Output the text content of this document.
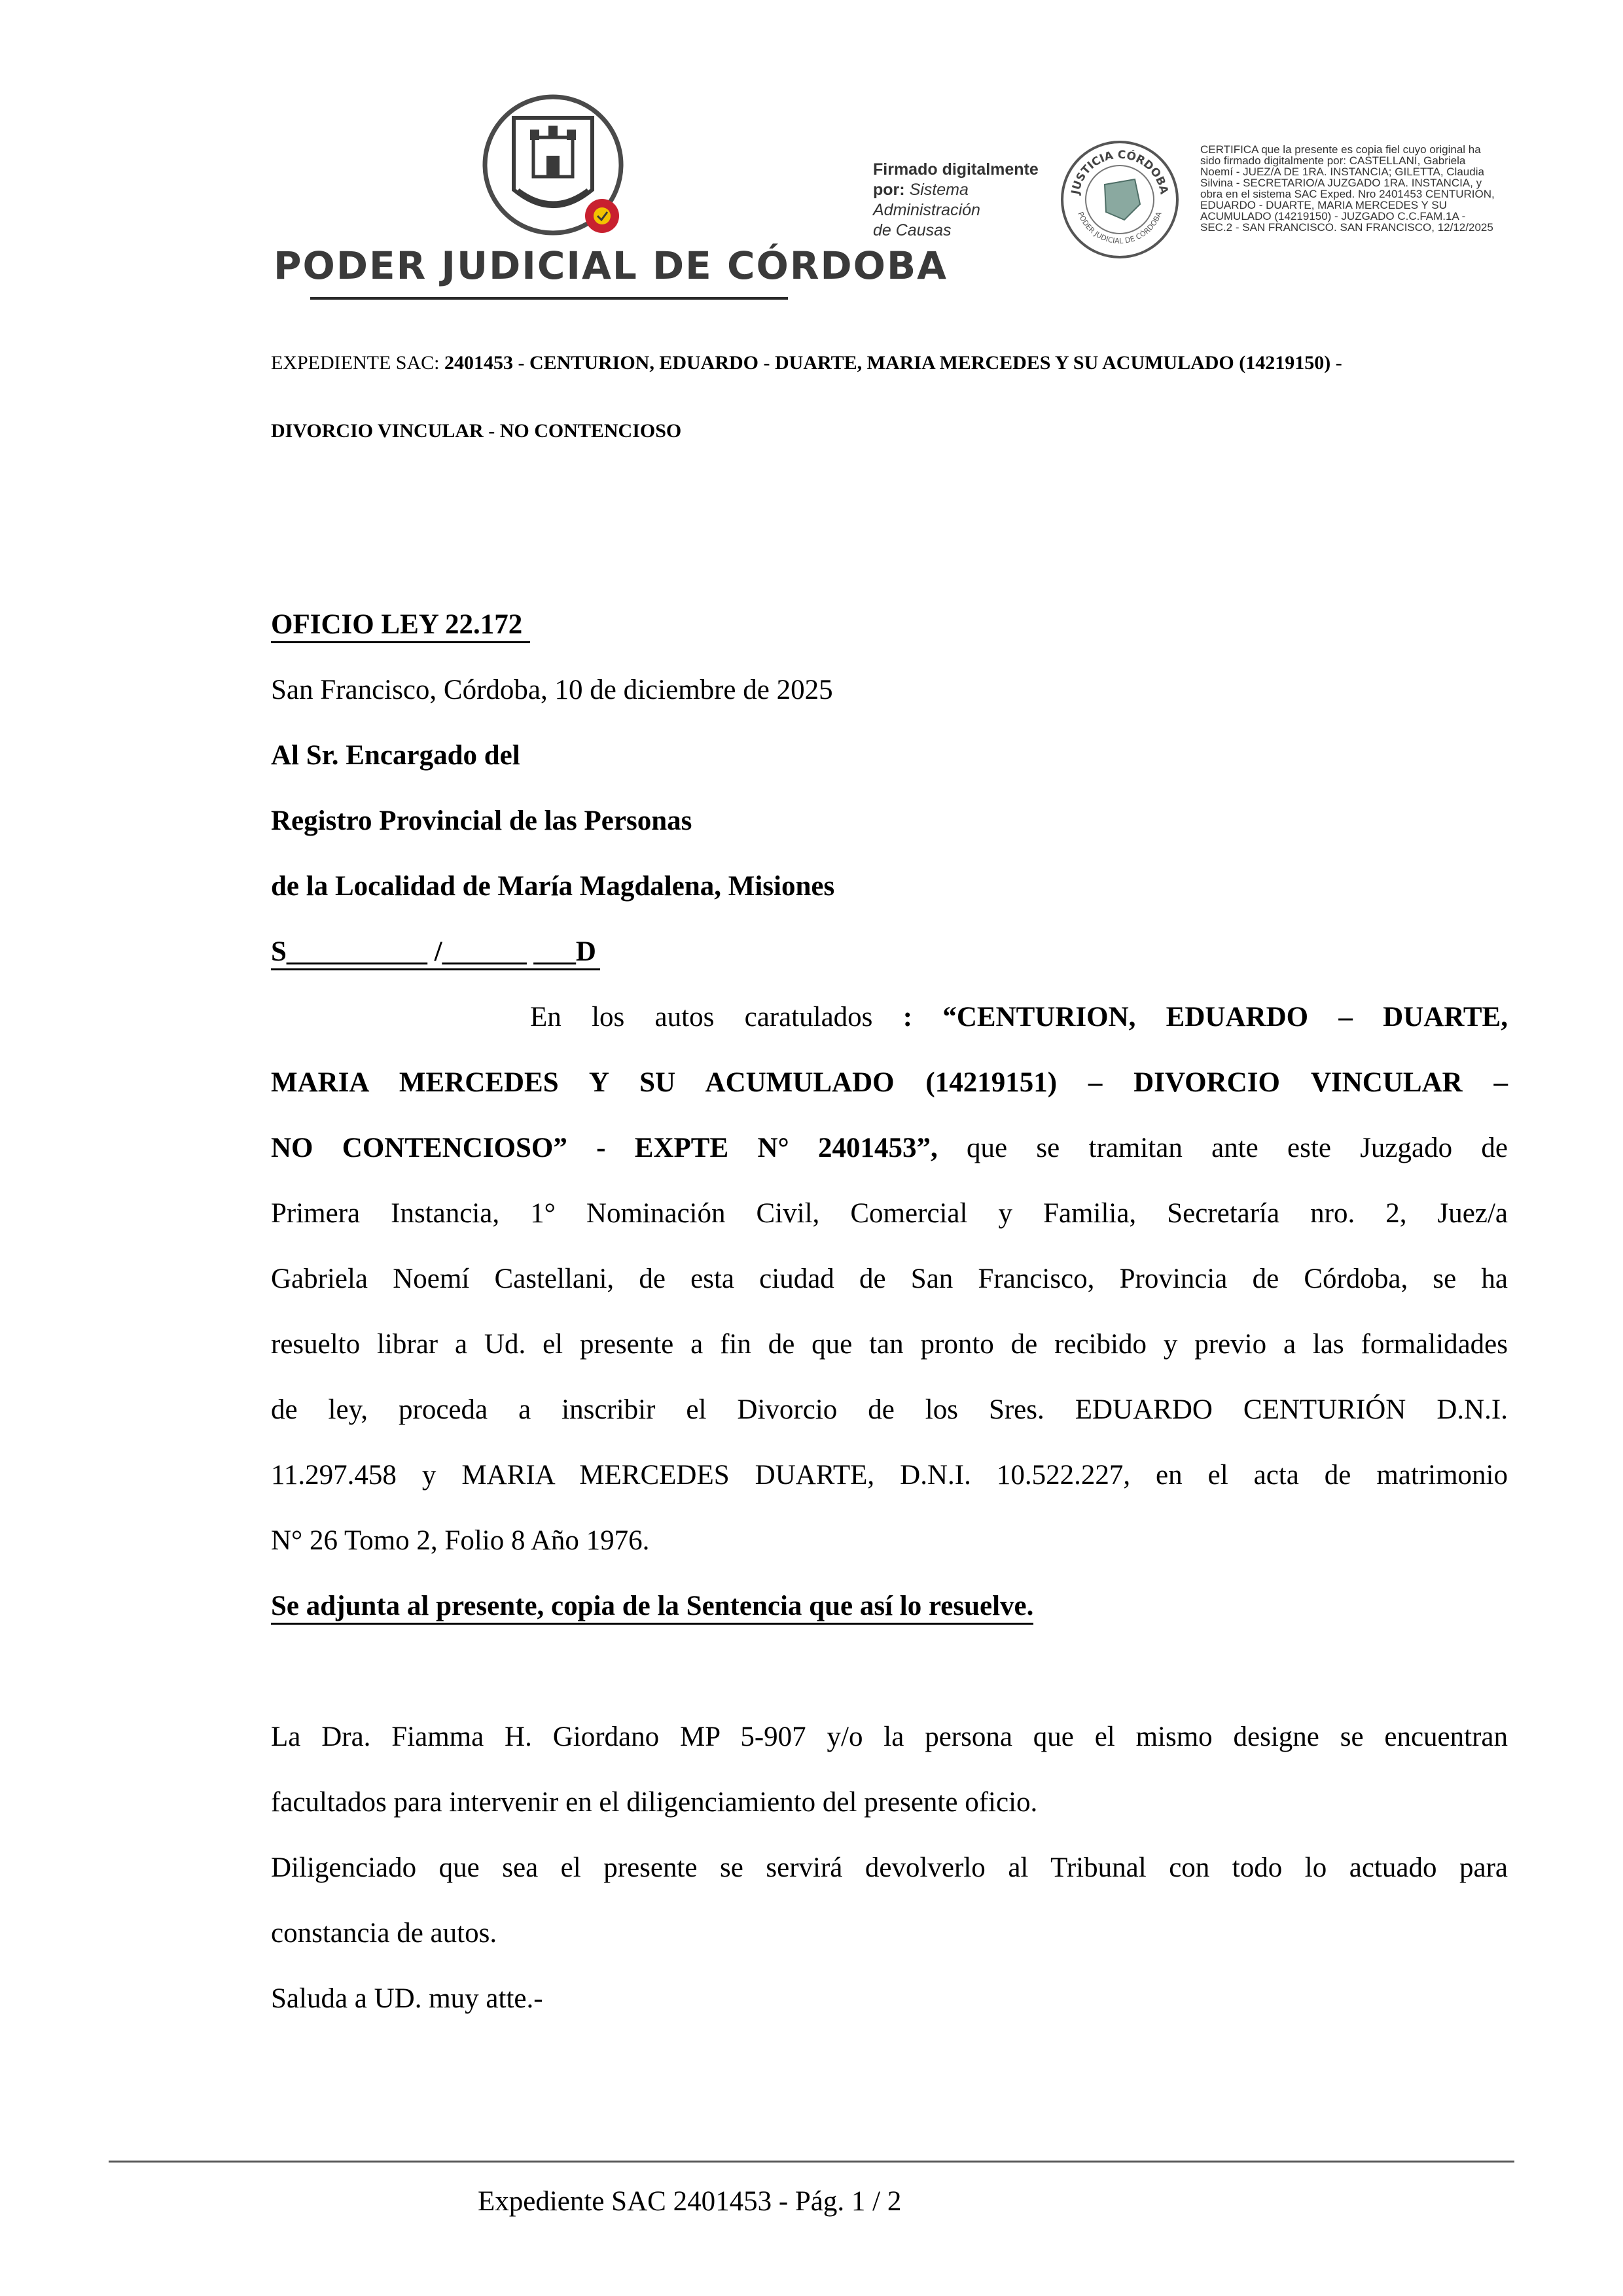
PODER JUDICIAL DE CÓRDOBA
Firmado digitalmente
por: Sistema
Administración
de Causas
JUSTICIA CÓRDOBA
PODER JUDICIAL DE CÓRDOBA
CERTIFICA que la presente es copia fiel cuyo original ha
sido firmado digitalmente por: CASTELLANI, Gabriela
Noemí - JUEZ/A DE 1RA. INSTANCIA; GILETTA, Claudia
Silvina - SECRETARIO/A JUZGADO 1RA. INSTANCIA, y
obra en el sistema SAC Exped. Nro 2401453 CENTURION,
EDUARDO - DUARTE, MARIA MERCEDES Y SU
ACUMULADO (14219150) - JUZGADO C.C.FAM.1A -
SEC.2 - SAN FRANCISCO. SAN FRANCISCO, 12/12/2025
EXPEDIENTE SAC: 2401453 - CENTURION, EDUARDO - DUARTE, MARIA MERCEDES Y SU ACUMULADO (14219150) -
DIVORCIO VINCULAR - NO CONTENCIOSO
OFICIO LEY 22.172
San Francisco, Córdoba, 10 de diciembre de 2025
Al Sr. Encargado del
Registro Provincial de las Personas
de la Localidad de María Magdalena, Misiones
S__________ /______ ___D
En los autos caratulados : “CENTURION, EDUARDO – DUARTE,
MARIA MERCEDES Y SU ACUMULADO (14219151) – DIVORCIO VINCULAR –
NO CONTENCIOSO” - EXPTE N° 2401453”, que se tramitan ante este Juzgado de
Primera Instancia, 1° Nominación Civil, Comercial y Familia, Secretaría nro. 2, Juez/a
Gabriela Noemí Castellani, de esta ciudad de San Francisco, Provincia de Córdoba, se ha
resuelto librar a Ud. el presente a fin de que tan pronto de recibido y previo a las formalidades
de ley, proceda a inscribir el Divorcio de los Sres. EDUARDO CENTURIÓN D.N.I.
11.297.458 y MARIA MERCEDES DUARTE, D.N.I. 10.522.227, en el acta de matrimonio
N° 26 Tomo 2, Folio 8 Año 1976.
Se adjunta al presente, copia de la Sentencia que así lo resuelve.
La Dra. Fiamma H. Giordano MP 5-907 y/o la persona que el mismo designe se encuentran
facultados para intervenir en el diligenciamiento del presente oficio.
Diligenciado que sea el presente se servirá devolverlo al Tribunal con todo lo actuado para
constancia de autos.
Saluda a UD. muy atte.-
Expediente SAC 2401453 - Pág. 1 / 2
